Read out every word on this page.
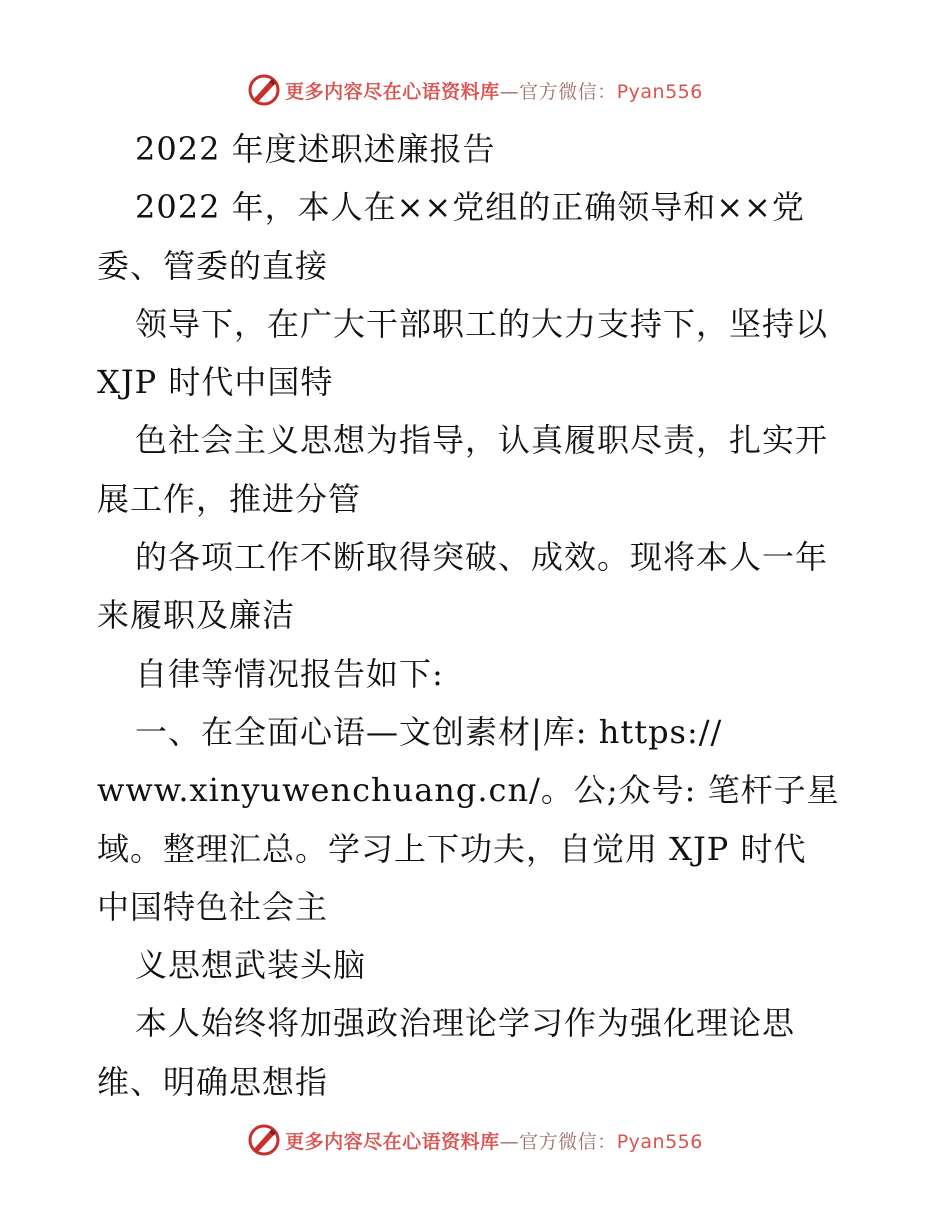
更多内容尽在心语资料库—官方微信：Pyan556
2022 年度述职述廉报告
2022 年，本人在××党组的正确领导和××党
委、管委的直接
领导下，在广大干部职工的大力支持下，坚持以
XJP 时代中国特
色社会主义思想为指导，认真履职尽责，扎实开
展工作，推进分管
的各项工作不断取得突破、成效。现将本人一年
来履职及廉洁
自律等情况报告如下:
一、在全面心语—文创素材|库: https://
www.xinyuwenchuang.cn/。公;众号: 笔杆子星
域。整理汇总。学习上下功夫，自觉用 XJP 时代
中国特色社会主
义思想武装头脑
本人始终将加强政治理论学习作为强化理论思
维、明确思想指
更多内容尽在心语资料库—官方微信：Pyan556
